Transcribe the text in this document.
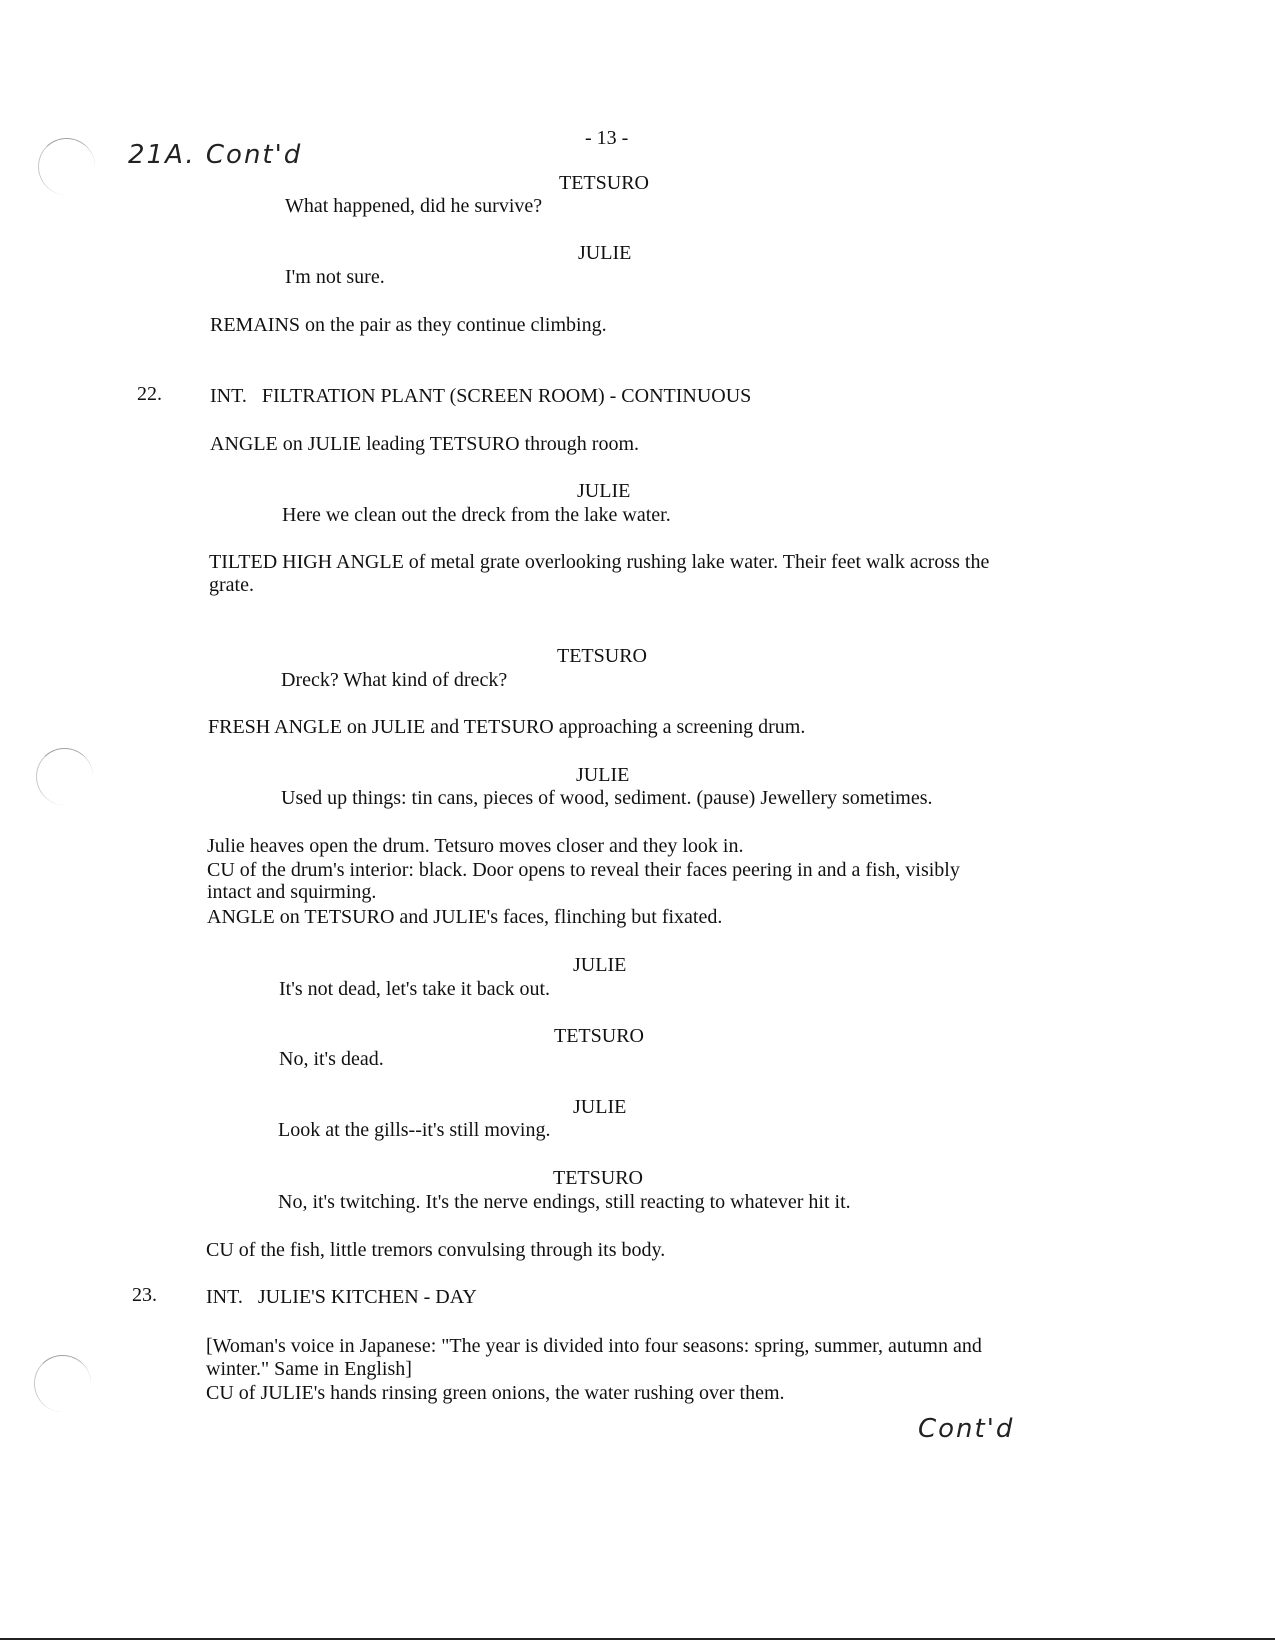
21A. Cont'd
Cont'd
- 13 -
TETSURO
What happened, did he survive?
JULIE
I'm not sure.
REMAINS on the pair as they continue climbing.
22. INT.   FILTRATION PLANT (SCREEN ROOM) - CONTINUOUS
ANGLE on JULIE leading TETSURO through room.
JULIE
Here we clean out the dreck from the lake water.
TILTED HIGH ANGLE of metal grate overlooking rushing lake water. Their feet walk across the
grate.
TETSURO
Dreck? What kind of dreck?
FRESH ANGLE on JULIE and TETSURO approaching a screening drum.
JULIE
Used up things: tin cans, pieces of wood, sediment. (pause) Jewellery sometimes.
Julie heaves open the drum. Tetsuro moves closer and they look in.
CU of the drum's interior: black. Door opens to reveal their faces peering in and a fish, visibly
intact and squirming.
ANGLE on TETSURO and JULIE's faces, flinching but fixated.
JULIE
It's not dead, let's take it back out.
TETSURO
No, it's dead.
JULIE
Look at the gills--it's still moving.
TETSURO
No, it's twitching. It's the nerve endings, still reacting to whatever hit it.
CU of the fish, little tremors convulsing through its body.
23. INT.   JULIE'S KITCHEN - DAY
[Woman's voice in Japanese: "The year is divided into four seasons: spring, summer, autumn and
winter." Same in English]
CU of JULIE's hands rinsing green onions, the water rushing over them.
